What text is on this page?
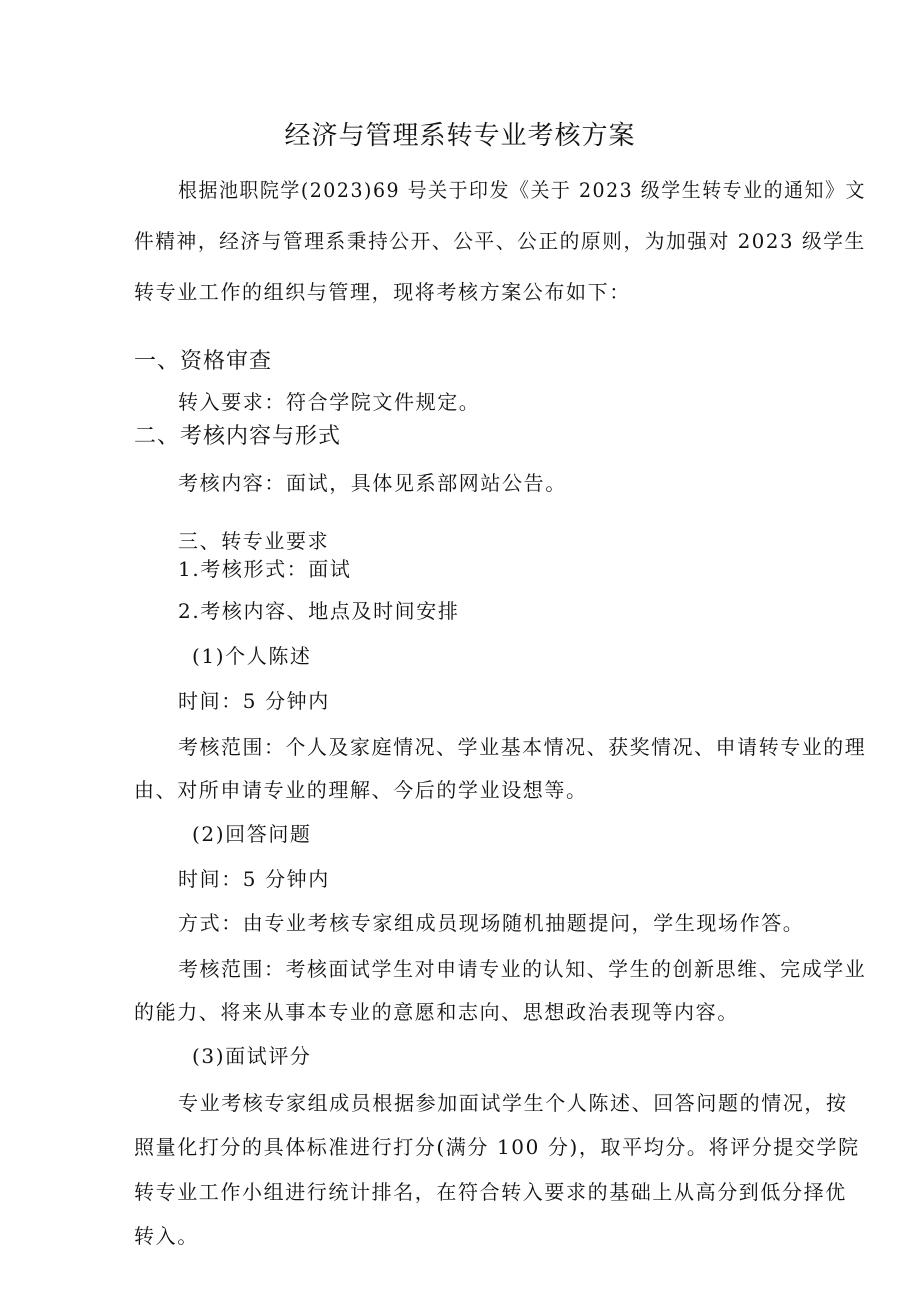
经济与管理系转专业考核方案
根据池职院学(2023)69 号关于印发《关于 2023 级学生转专业的通知》文
件精神，经济与管理系秉持公开、公平、公正的原则，为加强对 2023 级学生
转专业工作的组织与管理，现将考核方案公布如下：
一、资格审查
转入要求：符合学院文件规定。
二、考核内容与形式
考核内容：面试，具体见系部网站公告。
三、转专业要求
1.考核形式：面试
2.考核内容、地点及时间安排
(1)个人陈述
时间：5 分钟内
考核范围：个人及家庭情况、学业基本情况、获奖情况、申请转专业的理
由、对所申请专业的理解、今后的学业设想等。
(2)回答问题
时间：5 分钟内
方式：由专业考核专家组成员现场随机抽题提问，学生现场作答。
考核范围：考核面试学生对申请专业的认知、学生的创新思维、完成学业
的能力、将来从事本专业的意愿和志向、思想政治表现等内容。
(3)面试评分
专业考核专家组成员根据参加面试学生个人陈述、回答问题的情况，按
照量化打分的具体标准进行打分(满分 100 分)，取平均分。将评分提交学院
转专业工作小组进行统计排名，在符合转入要求的基础上从高分到低分择优
转入。
